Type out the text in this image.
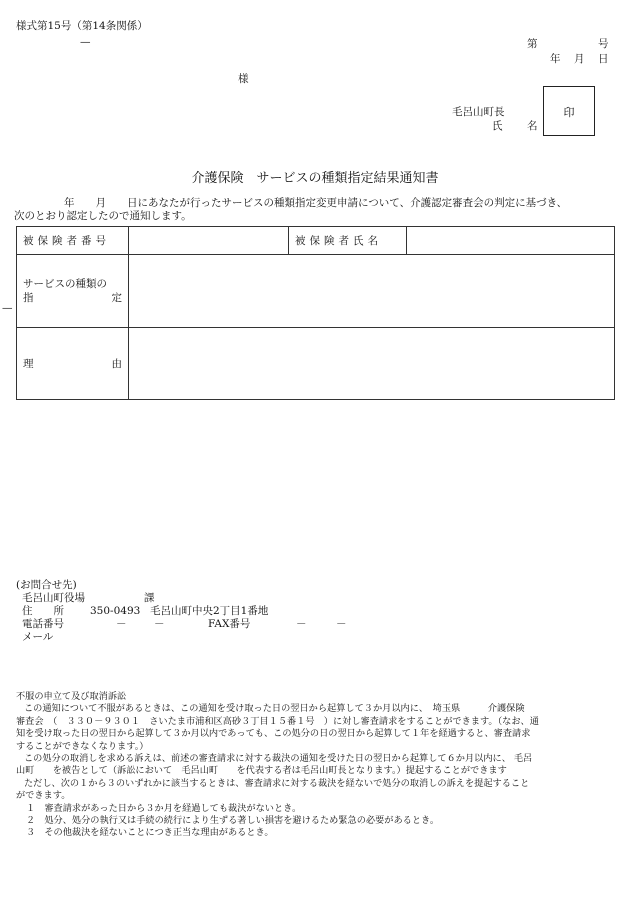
様式第15号（第14条関係）
—	第	号
年 月 日
様
毛呂山町長
氏 名
印
介護保険　サービスの種類指定結果通知書
年　　月　　日にあなたが行ったサービスの種類指定変更申請について、介護認定審査会の判定に基づき、
次のとおり認定したので通知します。
—
被保険者番号		被保険者氏名	

サービスの種類の
指 定			

理 由			

(お問合せ先)
毛呂山町役場	課
住　　所 350-0493 毛呂山町中央2丁目1番地
電話番号	－	－	FAX番号	－	－
メール

不服の申立て及び取消訴訟

この通知について不服があるときは、この通知を受け取った日の翌日から起算して３か月以内に、　埼玉県　　　介護保険

審査会　（　３３０－９３０１　さいたま市浦和区高砂３丁目１５番１号　）に対し審査請求をすることができます。（なお、通

知を受け取った日の翌日から起算して３か月以内であっても、この処分の日の翌日から起算して１年を経過すると、審査請求

することができなくなります。）

この処分の取消しを求める訴えは、前述の審査請求に対する裁決の通知を受けた日の翌日から起算して６か月以内に、 毛呂

山町　　を被告として（訴訟において　毛呂山町　　を代表する者は毛呂山町長となります。）提起することができます

ただし、次の１から３のいずれかに該当するときは、審査請求に対する裁決を経ないで処分の取消しの訴えを提起すること

ができます。

１　審査請求があった日から３か月を経過しても裁決がないとき。

２　処分、処分の執行又は手続の続行により生ずる著しい損害を避けるため緊急の必要があるとき。

３　その他裁決を経ないことにつき正当な理由があるとき。
